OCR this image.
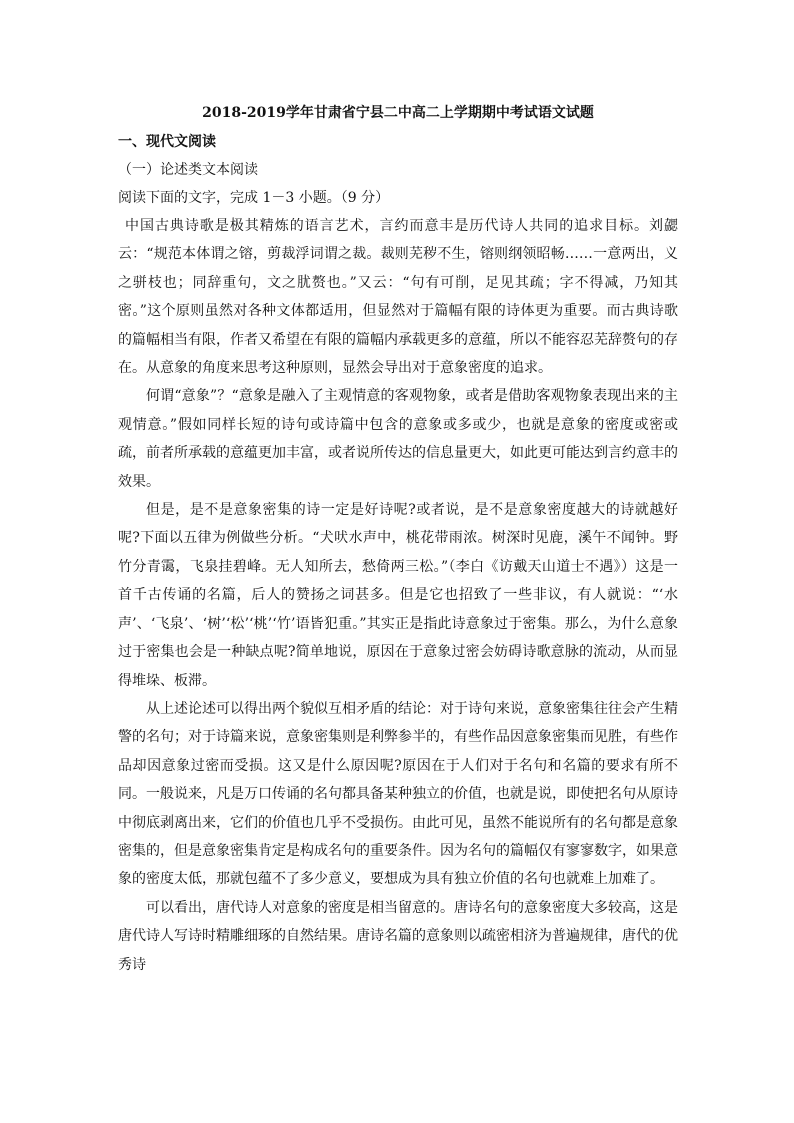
2018-2019学年甘肃省宁县二中高二上学期期中考试语文试题

一、现代文阅读

（一）论述类文本阅读

阅读下面的文字，完成 1－3 小题。（9 分）

中国古典诗歌是极其精炼的语言艺术，言约而意丰是历代诗人共同的追求目标。刘勰云：“规范本体谓之镕，剪裁浮词谓之裁。裁则芜秽不生，镕则纲领昭畅……一意两出，义之骈枝也；同辞重句，文之肬赘也。”又云：“句有可削，足见其疏；字不得减，乃知其密。”这个原则虽然对各种文体都适用，但显然对于篇幅有限的诗体更为重要。而古典诗歌的篇幅相当有限，作者又希望在有限的篇幅内承载更多的意蕴，所以不能容忍芜辞赘句的存在。从意象的角度来思考这种原则，显然会导出对于意象密度的追求。

何谓“意象”？“意象是融入了主观情意的客观物象，或者是借助客观物象表现出来的主观情意。”假如同样长短的诗句或诗篇中包含的意象或多或少，也就是意象的密度或密或疏，前者所承载的意蕴更加丰富，或者说所传达的信息量更大，如此更可能达到言约意丰的效果。

但是，是不是意象密集的诗一定是好诗呢?或者说，是不是意象密度越大的诗就越好呢?下面以五律为例做些分析。“犬吠水声中，桃花带雨浓。树深时见鹿，溪午不闻钟。野竹分青霭，飞泉挂碧峰。无人知所去，愁倚两三松。”（李白《访戴天山道士不遇》）这是一首千古传诵的名篇，后人的赞扬之词甚多。但是它也招致了一些非议，有人就说：“‘水声’、‘飞泉’、‘树’‘松’‘桃’‘竹’语皆犯重。”其实正是指此诗意象过于密集。那么，为什么意象过于密集也会是一种缺点呢?简单地说，原因在于意象过密会妨碍诗歌意脉的流动，从而显得堆垛、板滞。

从上述论述可以得出两个貌似互相矛盾的结论：对于诗句来说，意象密集往往会产生精警的名句；对于诗篇来说，意象密集则是利弊参半的，有些作品因意象密集而见胜，有些作品却因意象过密而受损。这又是什么原因呢?原因在于人们对于名句和名篇的要求有所不同。一般说来，凡是万口传诵的名句都具备某种独立的价值，也就是说，即使把名句从原诗中彻底剥离出来，它们的价值也几乎不受损伤。由此可见，虽然不能说所有的名句都是意象密集的，但是意象密集肯定是构成名句的重要条件。因为名句的篇幅仅有寥寥数字，如果意象的密度太低，那就包蕴不了多少意义，要想成为具有独立价值的名句也就难上加难了。

可以看出，唐代诗人对意象的密度是相当留意的。唐诗名句的意象密度大多较高，这是唐代诗人写诗时精雕细琢的自然结果。唐诗名篇的意象则以疏密相济为普遍规律，唐代的优秀诗
